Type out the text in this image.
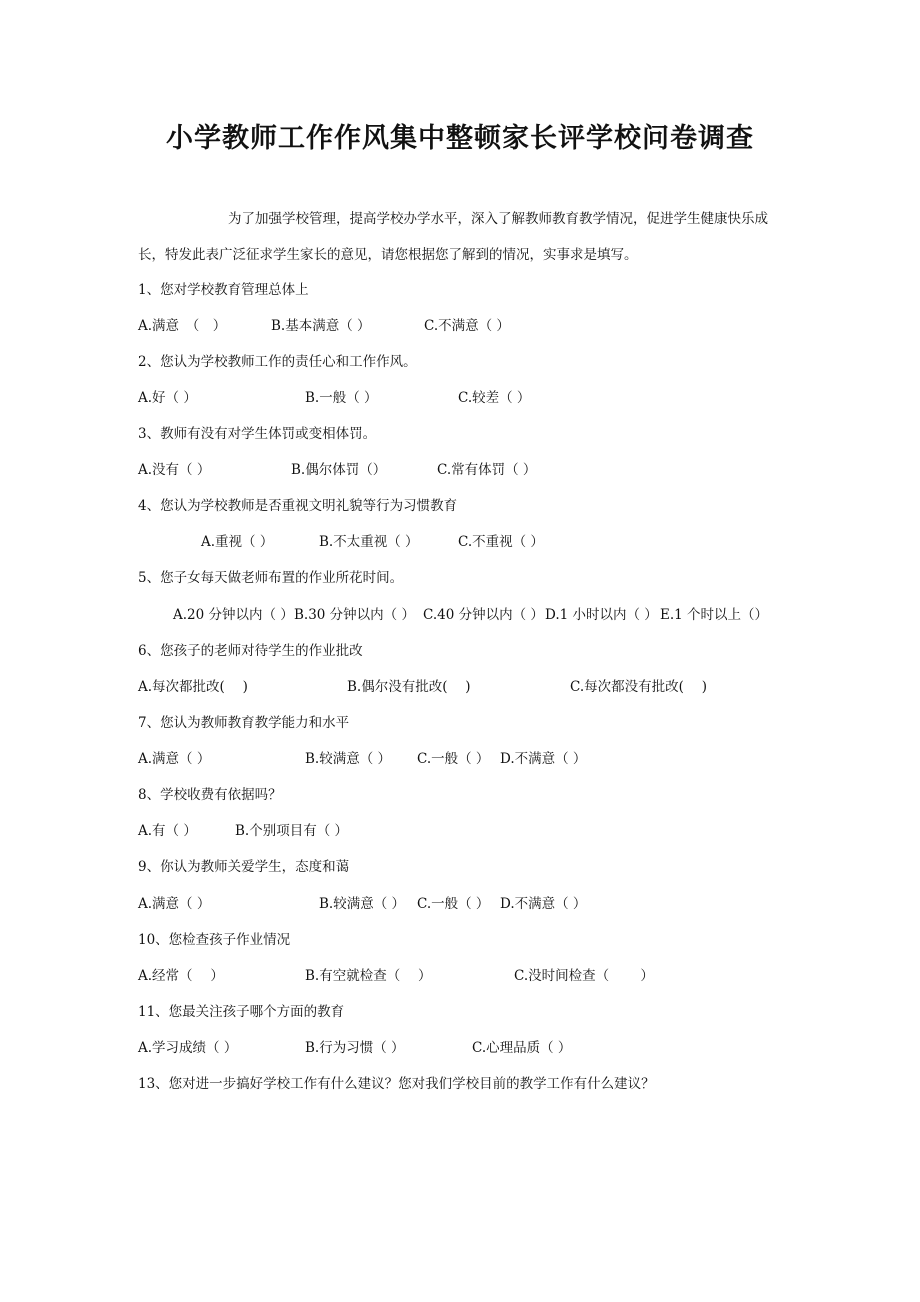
小学教师工作作风集中整顿家长评学校问卷调查
为了加强学校管理，提高学校办学水平，深入了解教师教育教学情况，促进学生健康快乐成
长，特发此表广泛征求学生家长的意见，请您根据您了解到的情况，实事求是填写。
1、您对学校教育管理总体上
A.满意　（　）	B.基本满意（ ）	C.不满意（ ）
2、您认为学校教师工作的责任心和工作作风。
A.好（ ）	B.一般（ ）	C.较差（ ）
3、教师有没有对学生体罚或变相体罚。
A.没有（ ）	B.偶尔体罚（）	C.常有体罚（ ）
4、您认为学校教师是否重视文明礼貌等行为习惯教育
A.重视（ ）	B.不太重视（ ）	C.不重视（ ）
5、您子女每天做老师布置的作业所花时间。
A.20 分钟以内（ ） B.30 分钟以内（ ） C.40 分钟以内（ ） D.1 小时以内（ ） E.1 个时以上（）
6、您孩子的老师对待学生的作业批改
A.每次都批改(　 )	B.偶尔没有批改(　 )	C.每次都没有批改(　 )
7、您认为教师教育教学能力和水平
A.满意（ ）	B.较满意（ ） C.一般（ ） D.不满意（ ）
8、学校收费有依据吗？
A.有（ ）	B.个别项目有（ ）
9、你认为教师关爱学生，态度和蔼
A.满意（ ）	B.较满意（ ） C.一般（ ） D.不满意（ ）
10、您检查孩子作业情况
A.经常（　 ）	B.有空就检查（　 ）	C.没时间检查（　　 ）
11、您最关注孩子哪个方面的教育
A.学习成绩（ ）	B.行为习惯（ ）	C.心理品质（ ）
13、您对进一步搞好学校工作有什么建议？您对我们学校目前的教学工作有什么建议？
